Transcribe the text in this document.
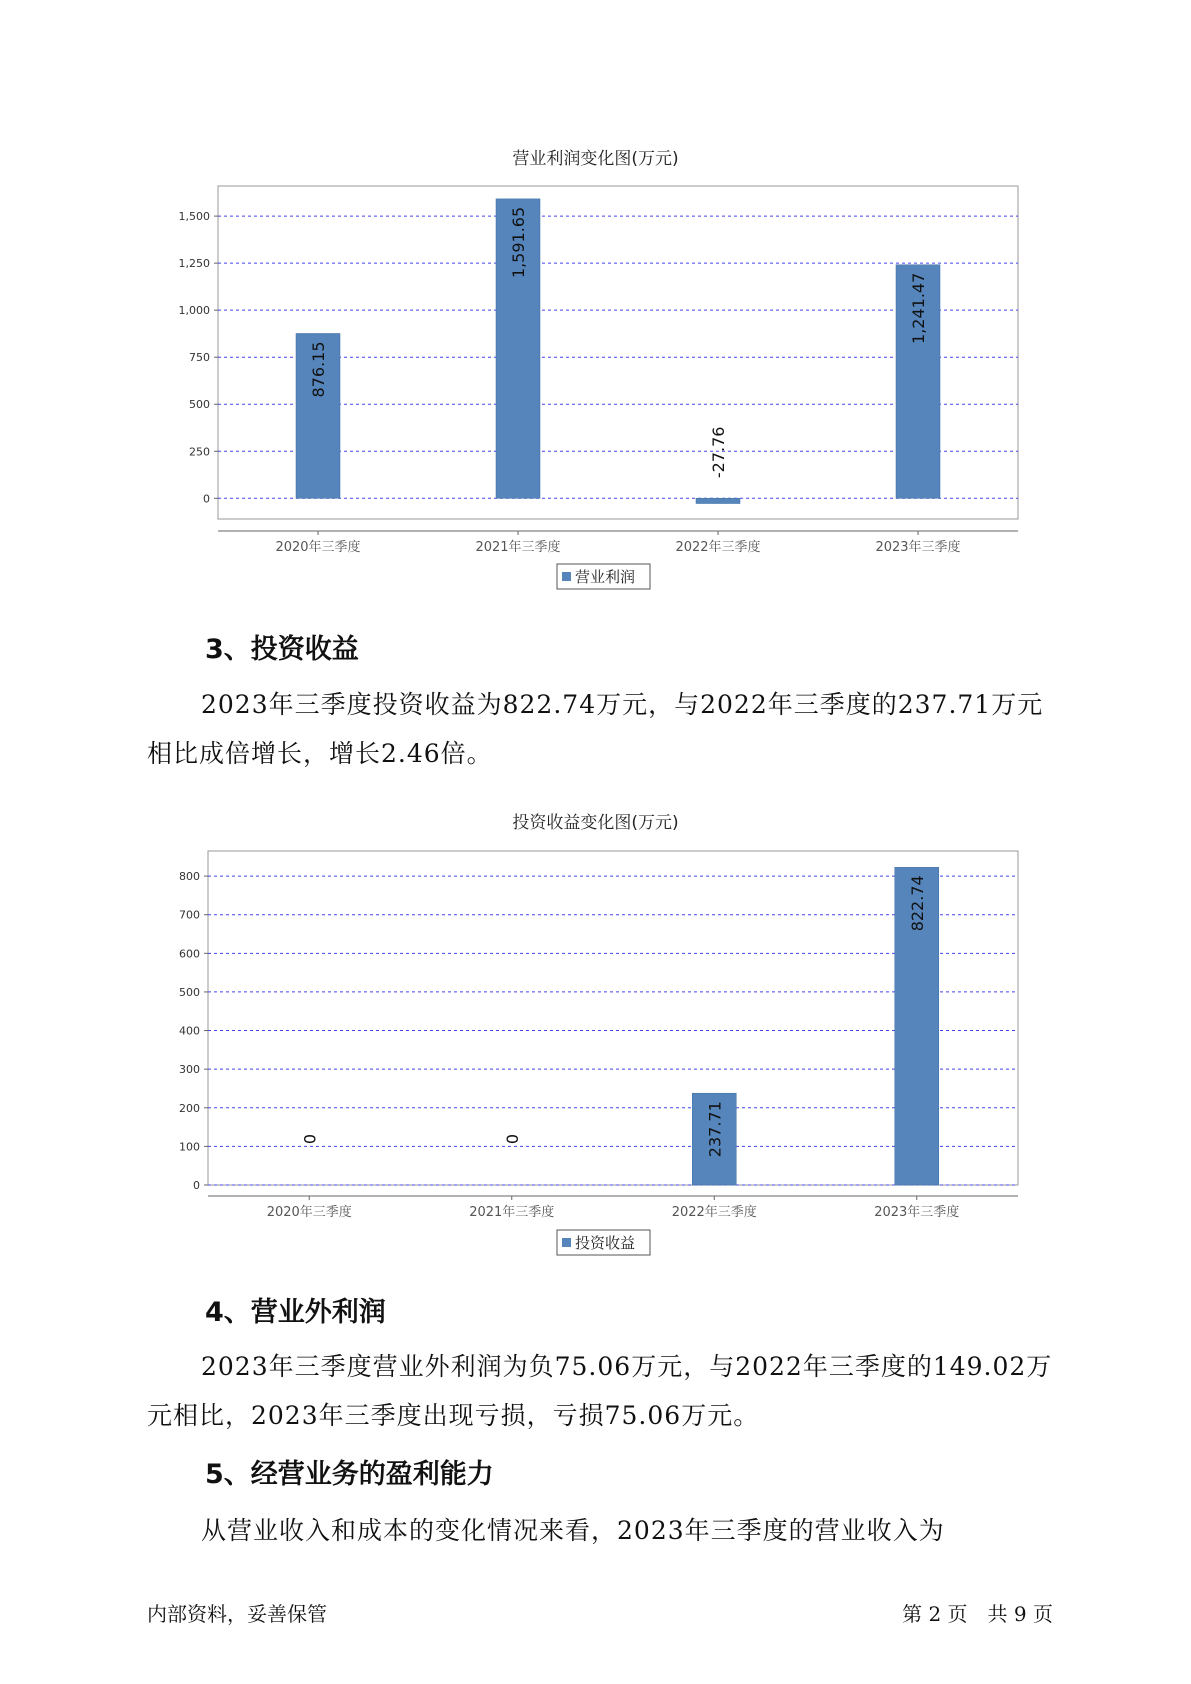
营业利润变化图(万元)
0
250
500
750
1,000
1,250
1,500
2020年三季度
876.15
2021年三季度
1,591.65
2022年三季度
-27.76
2023年三季度
1,241.47
营业利润
3、投资收益

2023年三季度投资收益为822.74万元，与2022年三季度的237.71万元相比成倍增长，增长2.46倍。

投资收益变化图(万元)
0
100
200
300
400
500
600
700
800
2020年三季度
0
2021年三季度
0
2022年三季度
237.71
2023年三季度
822.74
投资收益
4、营业外利润

2023年三季度营业外利润为负75.06万元，与2022年三季度的149.02万元相比，2023年三季度出现亏损，亏损75.06万元。

5、经营业务的盈利能力

从营业收入和成本的变化情况来看，2023年三季度的营业收入为

内部资料，妥善保管	第 2 页　共 9 页
